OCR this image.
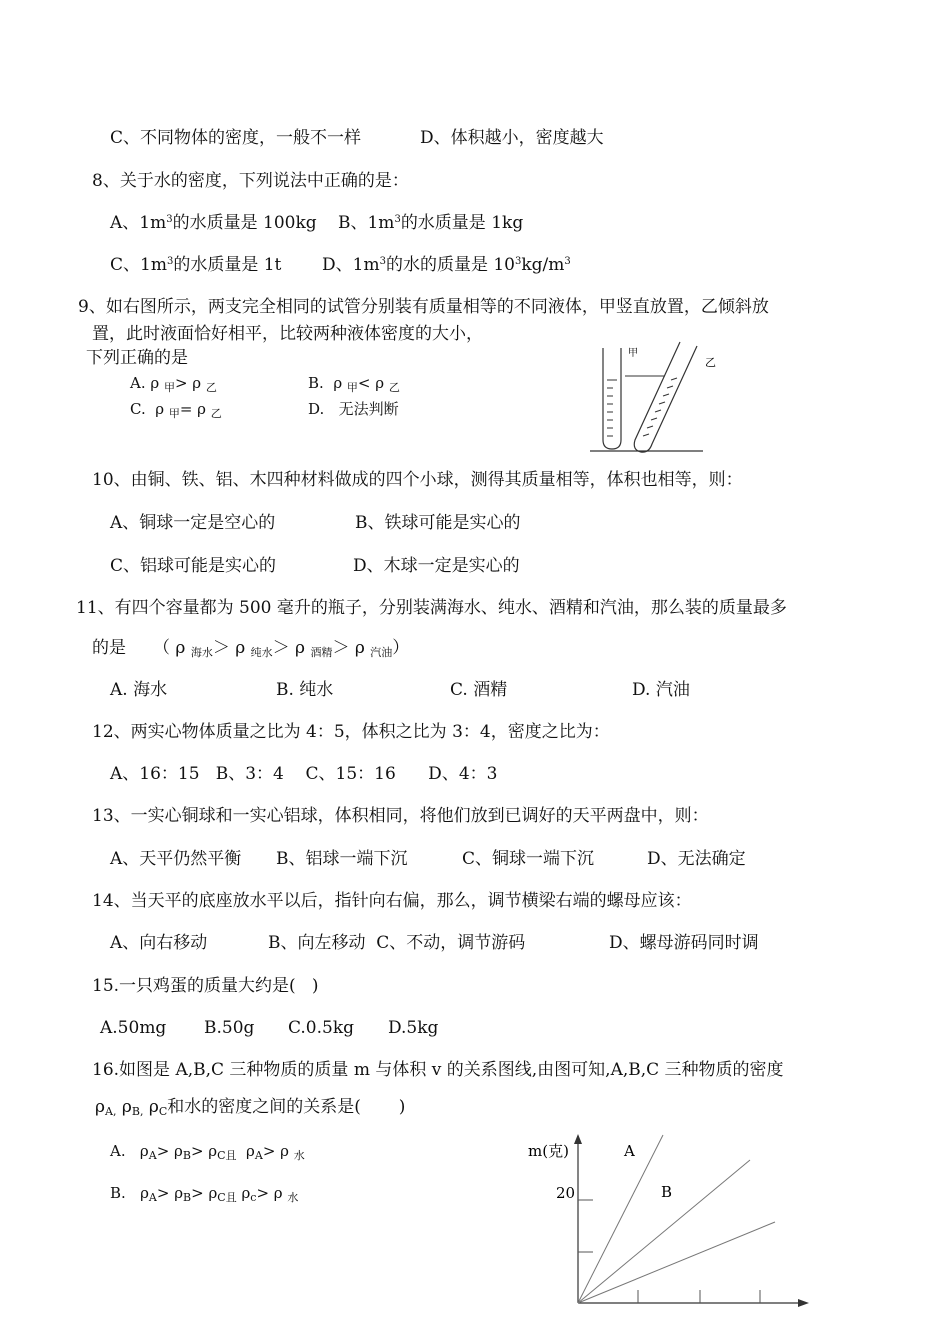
C、不同物体的密度，一般不一样	D、体积越小，密度越大
8、关于水的密度，下列说法中正确的是：
A、$1m^3$的水质量是 100kg B、$1m^3$的水质量是 1kg
C、$1m^3$的水质量是 1t D、$1m^3$的水的质量是 $10^3kg/m^3$
9、如右图所示，两支完全相同的试管分别装有质量相等的不同液体，甲竖直放置，乙倾斜放
置，此时液面恰好相平，比较两种液体密度的大小，
下列正确的是
A. ρ $_甲$> ρ $_乙$	B.  ρ $_甲$< ρ $_乙$
C.  ρ $_甲$= ρ $_乙$	D.   无法判断
甲
乙
10、由铜、铁、铝、木四种材料做成的四个小球，测得其质量相等，体积也相等，则：
A、铜球一定是空心的	B、铁球可能是实心的
C、铝球可能是实心的	D、木球一定是实心的
11、有四个容量都为 500 毫升的瓶子，分别装满海水、纯水、酒精和汽油，那么装的质量最多
的是     （ ρ $_{海水}$＞ ρ $_{纯水}$＞ ρ $_{酒精}$＞ ρ $_{汽油}$）
A. 海水	B. 纯水	C. 酒精	D. 汽油
12、两实心物体质量之比为 4：5，体积之比为 3：4，密度之比为：
A、16：15   B、3：4    C、15：16      D、4：3
13、一实心铜球和一实心铝球，体积相同，将他们放到已调好的天平两盘中，则：
A、天平仍然平衡 B、铝球一端下沉	C、铜球一端下沉	D、无法确定
14、当天平的底座放水平以后，指针向右偏，那么，调节横梁右端的螺母应该：
A、向右移动	B、向左移动  C、不动，调节游码	D、螺母游码同时调
15.一只鸡蛋的质量大约是(   )
A.50mg B.50g C.0.5kg D.5kg
16.如图是 A,B,C 三种物质的质量 m 与体积 v 的关系图线,由图可知,A,B,C 三种物质的密度
$\rho_{A,}$ $\rho_{B,}$ $\rho_C$和水的密度之间的关系是(       )
A.   $\rho_A> \rho_B> \rho_{C且}$  $\rho_A> \rho$ $_水$
B.   $\rho_A> \rho_B> \rho_{C且}$ $\rho_c> \rho$ $_水$
m(克)
20
A
B
